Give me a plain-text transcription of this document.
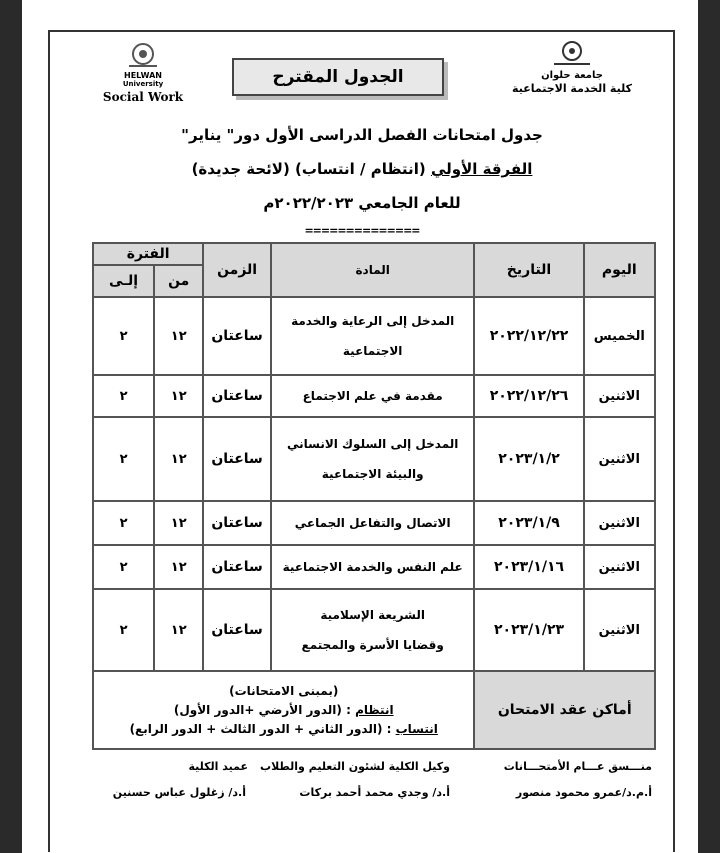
HELWAN
University
Social Work
جامعة حلوان
كلية الخدمة الاجتماعية
الجدول المقترح
جدول امتحانات الفصل الدراسى الأول دور" يناير"
الفرقة الأولي (انتظام / انتساب) (لائحة جديدة)
للعام الجامعي ٢٠٢٢/٢٠٢٣م
==============
اليوم	التاريخ	المادة	الزمن	الفترة	
				من	إلـى
الخميس	٢٠٢٢/١٢/٢٢	المدخل إلى الرعاية والخدمة
الاجتماعية	ساعتان	١٢	٢
الاثنين	٢٠٢٢/١٢/٢٦	مقدمة في علم الاجتماع	ساعتان	١٢	٢
الاثنين	٢٠٢٣/١/٢	المدخل إلى السلوك الانساني
والبيئة الاجتماعية	ساعتان	١٢	٢
الاثنين	٢٠٢٣/١/٩	الاتصال والتفاعل الجماعي	ساعتان	١٢	٢
الاثنين	٢٠٢٣/١/١٦	علم النفس والخدمة الاجتماعية	ساعتان	١٢	٢
الاثنين	٢٠٢٣/١/٢٣	الشريعة الإسلامية
وقضايا الأسرة والمجتمع	ساعتان	١٢	٢
أماكن عقد الامتحان		(بمبنى الامتحانات)
انتظام : (الدور الأرضي +الدور الأول)
انتساب : (الدور الثاني + الدور الثالث + الدور الرابع)			
منـــسق عـــام الأمتحـــانات
أ.م.د/عمرو محمود منصور
وكيل الكلية لشئون التعليم والطلاب
أ.د/ وجدي محمد أحمد بركات
عميد الكلية
أ.د/ زغلول عباس حسنين
